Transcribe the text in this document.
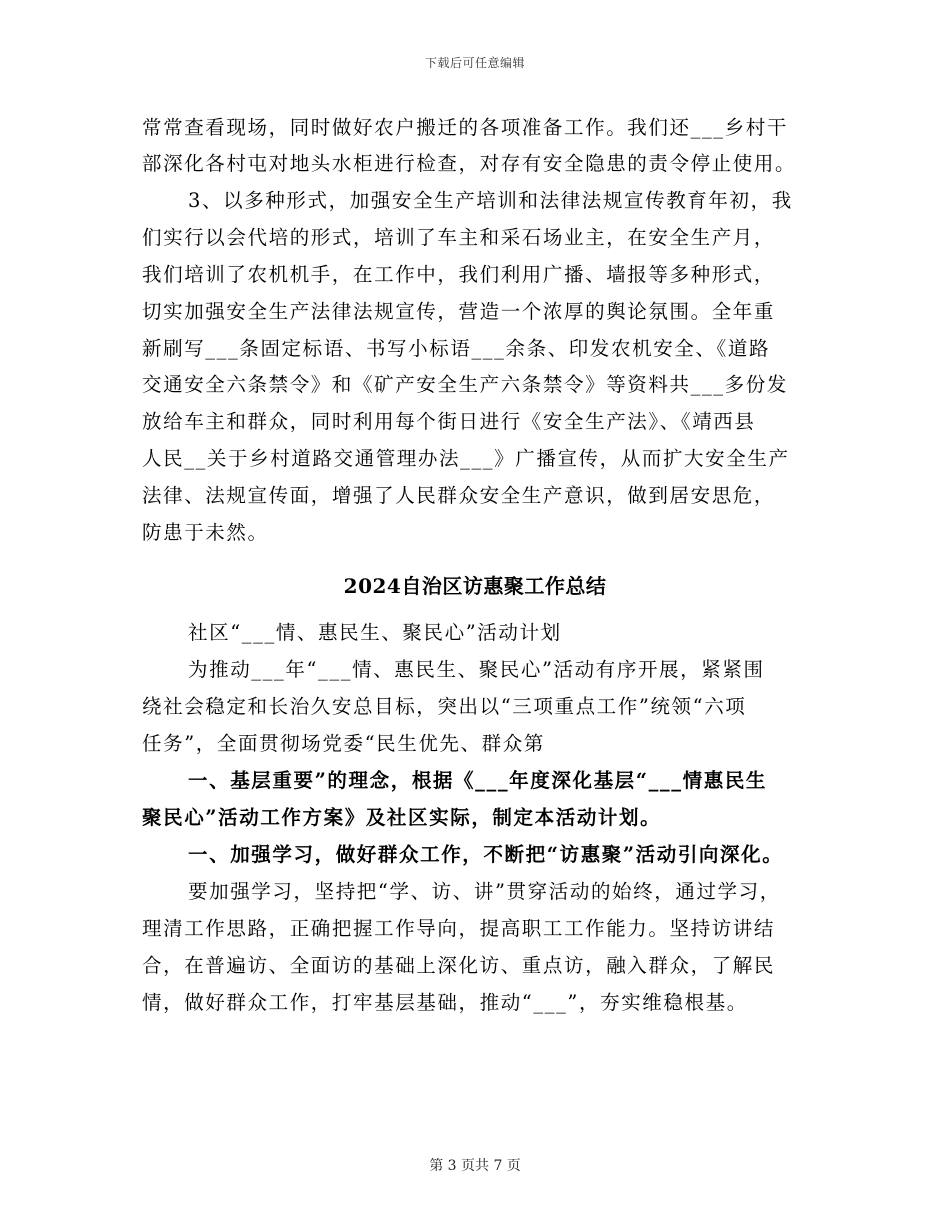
下载后可任意编辑
常常查看现场，同时做好农户搬迁的各项准备工作。我们还___乡村干
部深化各村屯对地头水柜进行检查，对存有安全隐患的责令停止使用。
3、以多种形式，加强安全生产培训和法律法规宣传教育年初，我
们实行以会代培的形式，培训了车主和采石场业主，在安全生产月，
我们培训了农机机手，在工作中，我们利用广播、墙报等多种形式，
切实加强安全生产法律法规宣传，营造一个浓厚的舆论氛围。全年重
新刷写___条固定标语、书写小标语___余条、印发农机安全、《道路
交通安全六条禁令》和《矿产安全生产六条禁令》等资料共___多份发
放给车主和群众，同时利用每个街日进行《安全生产法》、《靖西县
人民__关于乡村道路交通管理办法___》广播宣传，从而扩大安全生产
法律、法规宣传面，增强了人民群众安全生产意识，做到居安思危，
防患于未然。
2024自治区访惠聚工作总结
社区“___情、惠民生、聚民心”活动计划
为推动___年“___情、惠民生、聚民心”活动有序开展，紧紧围
绕社会稳定和长治久安总目标，突出以“三项重点工作”统领“六项
任务”，全面贯彻场党委“民生优先、群众第
一、基层重要”的理念，根据《___年度深化基层“___情惠民生
聚民心”活动工作方案》及社区实际，制定本活动计划。
一、加强学习，做好群众工作，不断把“访惠聚”活动引向深化。
要加强学习，坚持把“学、访、讲”贯穿活动的始终，通过学习，
理清工作思路，正确把握工作导向，提高职工工作能力。坚持访讲结
合，在普遍访、全面访的基础上深化访、重点访，融入群众，了解民
情，做好群众工作，打牢基层基础，推动“___”，夯实维稳根基。
第 3 页共 7 页
